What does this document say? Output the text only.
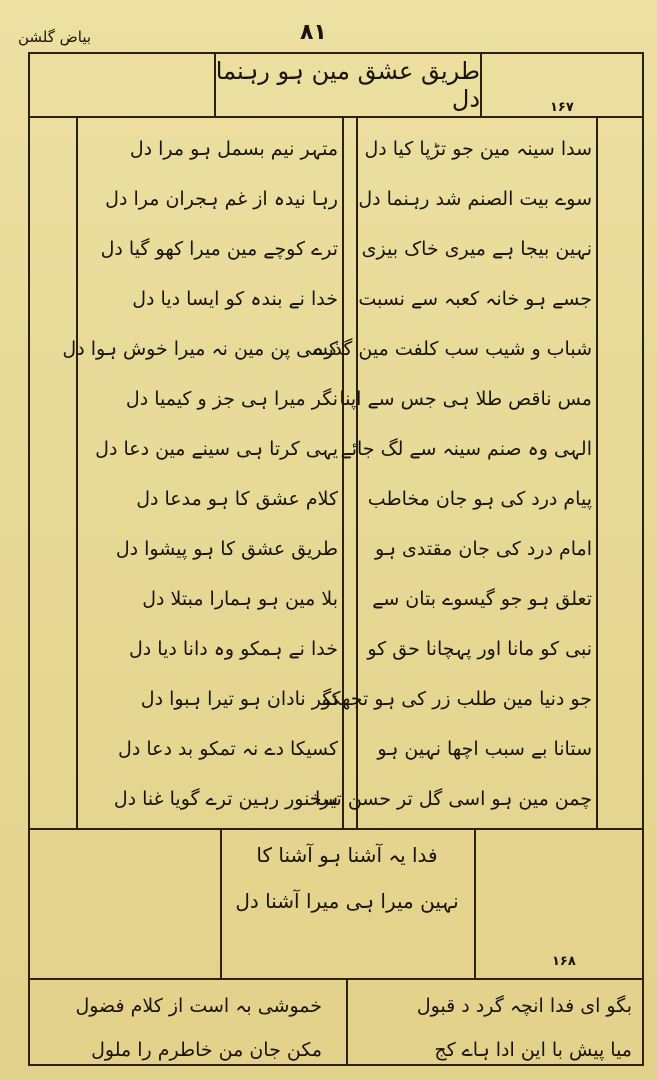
بیاض گلشن	۸۱
طریق عشق مین ہو رہنما دل	۱۶۷
سدا سینہ مین جو تڑپا کیا دل
سوے بیت الصنم شد رہنما دل
نہین بیجا ہے میری خاک بیزی
جسے ہو خانہ کعبہ سے نسبت
شباب و شیب سب کلفت مین گذرے
مس ناقص طلا ہی جس سے اپنا
الہی وہ صنم سینہ سے لگ جائے
پیام درد کی ہو جان مخاطب
امام درد کی جان مقتدی ہو
تعلق ہو جو گیسوے بتان سے
نبی کو مانا اور پہچانا حق کو
جو دنیا مین طلب زر کی ہو تجھکو
ستانا بے سبب اچھا نہین ہو
چمن مین ہو اسی گل تر حسن تیرا
متہر نیم بسمل ہو مرا دل
رہا نیدہ از غم ہجران مرا دل
ترے کوچے مین میرا کھو گیا دل
خدا نے بندہ کو ایسا دیا دل
کسی پن مین نہ میرا خوش ہوا دل
نگر میرا ہی جز و کیمیا دل
یہی کرتا ہی سینے مین دعا دل
کلام عشق کا ہو مدعا دل
طریق عشق کا ہو پیشوا دل
بلا مین ہو ہمارا مبتلا دل
خدا نے ہمکو وہ دانا دیا دل
نگر نادان ہو تیرا ہبوا دل
کسیکا دے نہ تمکو بد دعا دل
سخنور رہین ترے گویا غنا دل
فدا یہ آشنا ہو آشنا کا
نہین میرا ہی میرا آشنا دل
۱۶۸
بگو ای فدا انچہ گرد د قبول
میا پیش با این ادا ہاے کج
خموشی بہ است از کلام فضول
مکن جان من خاطرم را ملول
